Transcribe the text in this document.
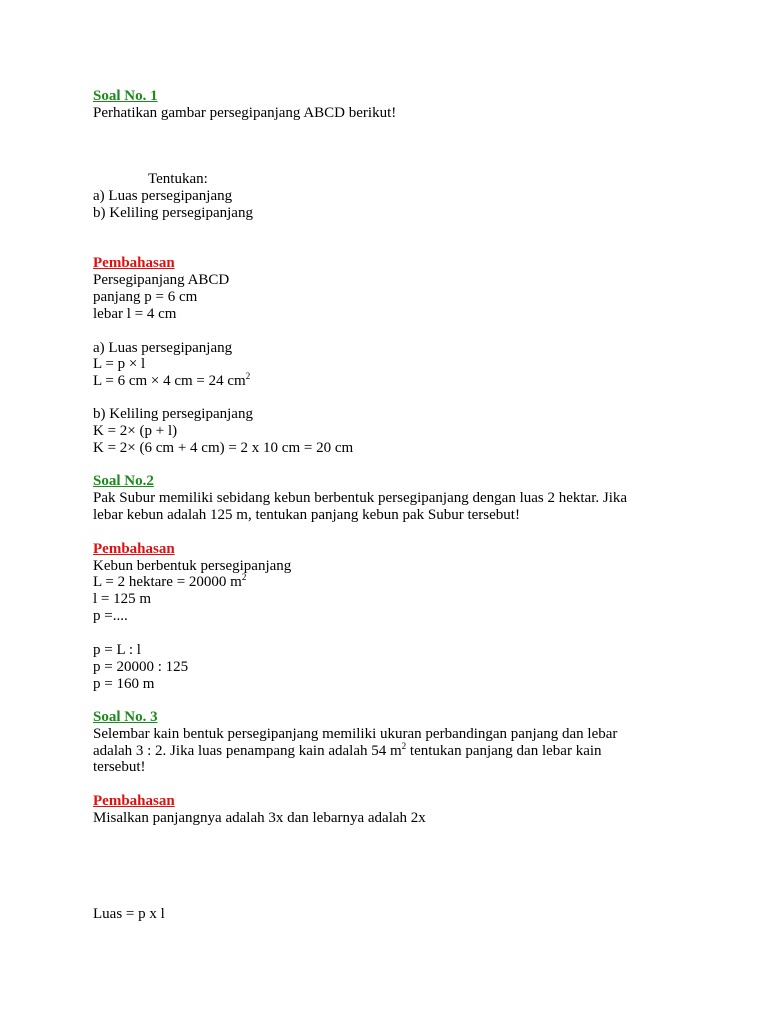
Soal No. 1
Perhatikan gambar persegipanjang ABCD berikut!
Tentukan:
a) Luas persegipanjang
b) Keliling persegipanjang
Pembahasan
Persegipanjang ABCD
panjang p = 6 cm
lebar l = 4 cm
a) Luas persegipanjang
L = p × l
L = 6 cm × 4 cm = 24 $cm^2$
b) Keliling persegipanjang
K = 2× (p + l)
K = 2× (6 cm + 4 cm) = 2 x 10 cm = 20 cm
Soal No.2
Pak Subur memiliki sebidang kebun berbentuk persegipanjang dengan luas 2 hektar. Jika
lebar kebun adalah 125 m, tentukan panjang kebun pak Subur tersebut!
Pembahasan
Kebun berbentuk persegipanjang
L = 2 hektare = 20000 $m^2$
l = 125 m
p =....
p = L : l
p = 20000 : 125
p = 160 m
Soal No. 3
Selembar kain bentuk persegipanjang memiliki ukuran perbandingan panjang dan lebar
adalah 3 : 2. Jika luas penampang kain adalah 54 $m^2$ tentukan panjang dan lebar kain
tersebut!
Pembahasan
Misalkan panjangnya adalah 3x dan lebarnya adalah 2x
Luas = p x l
